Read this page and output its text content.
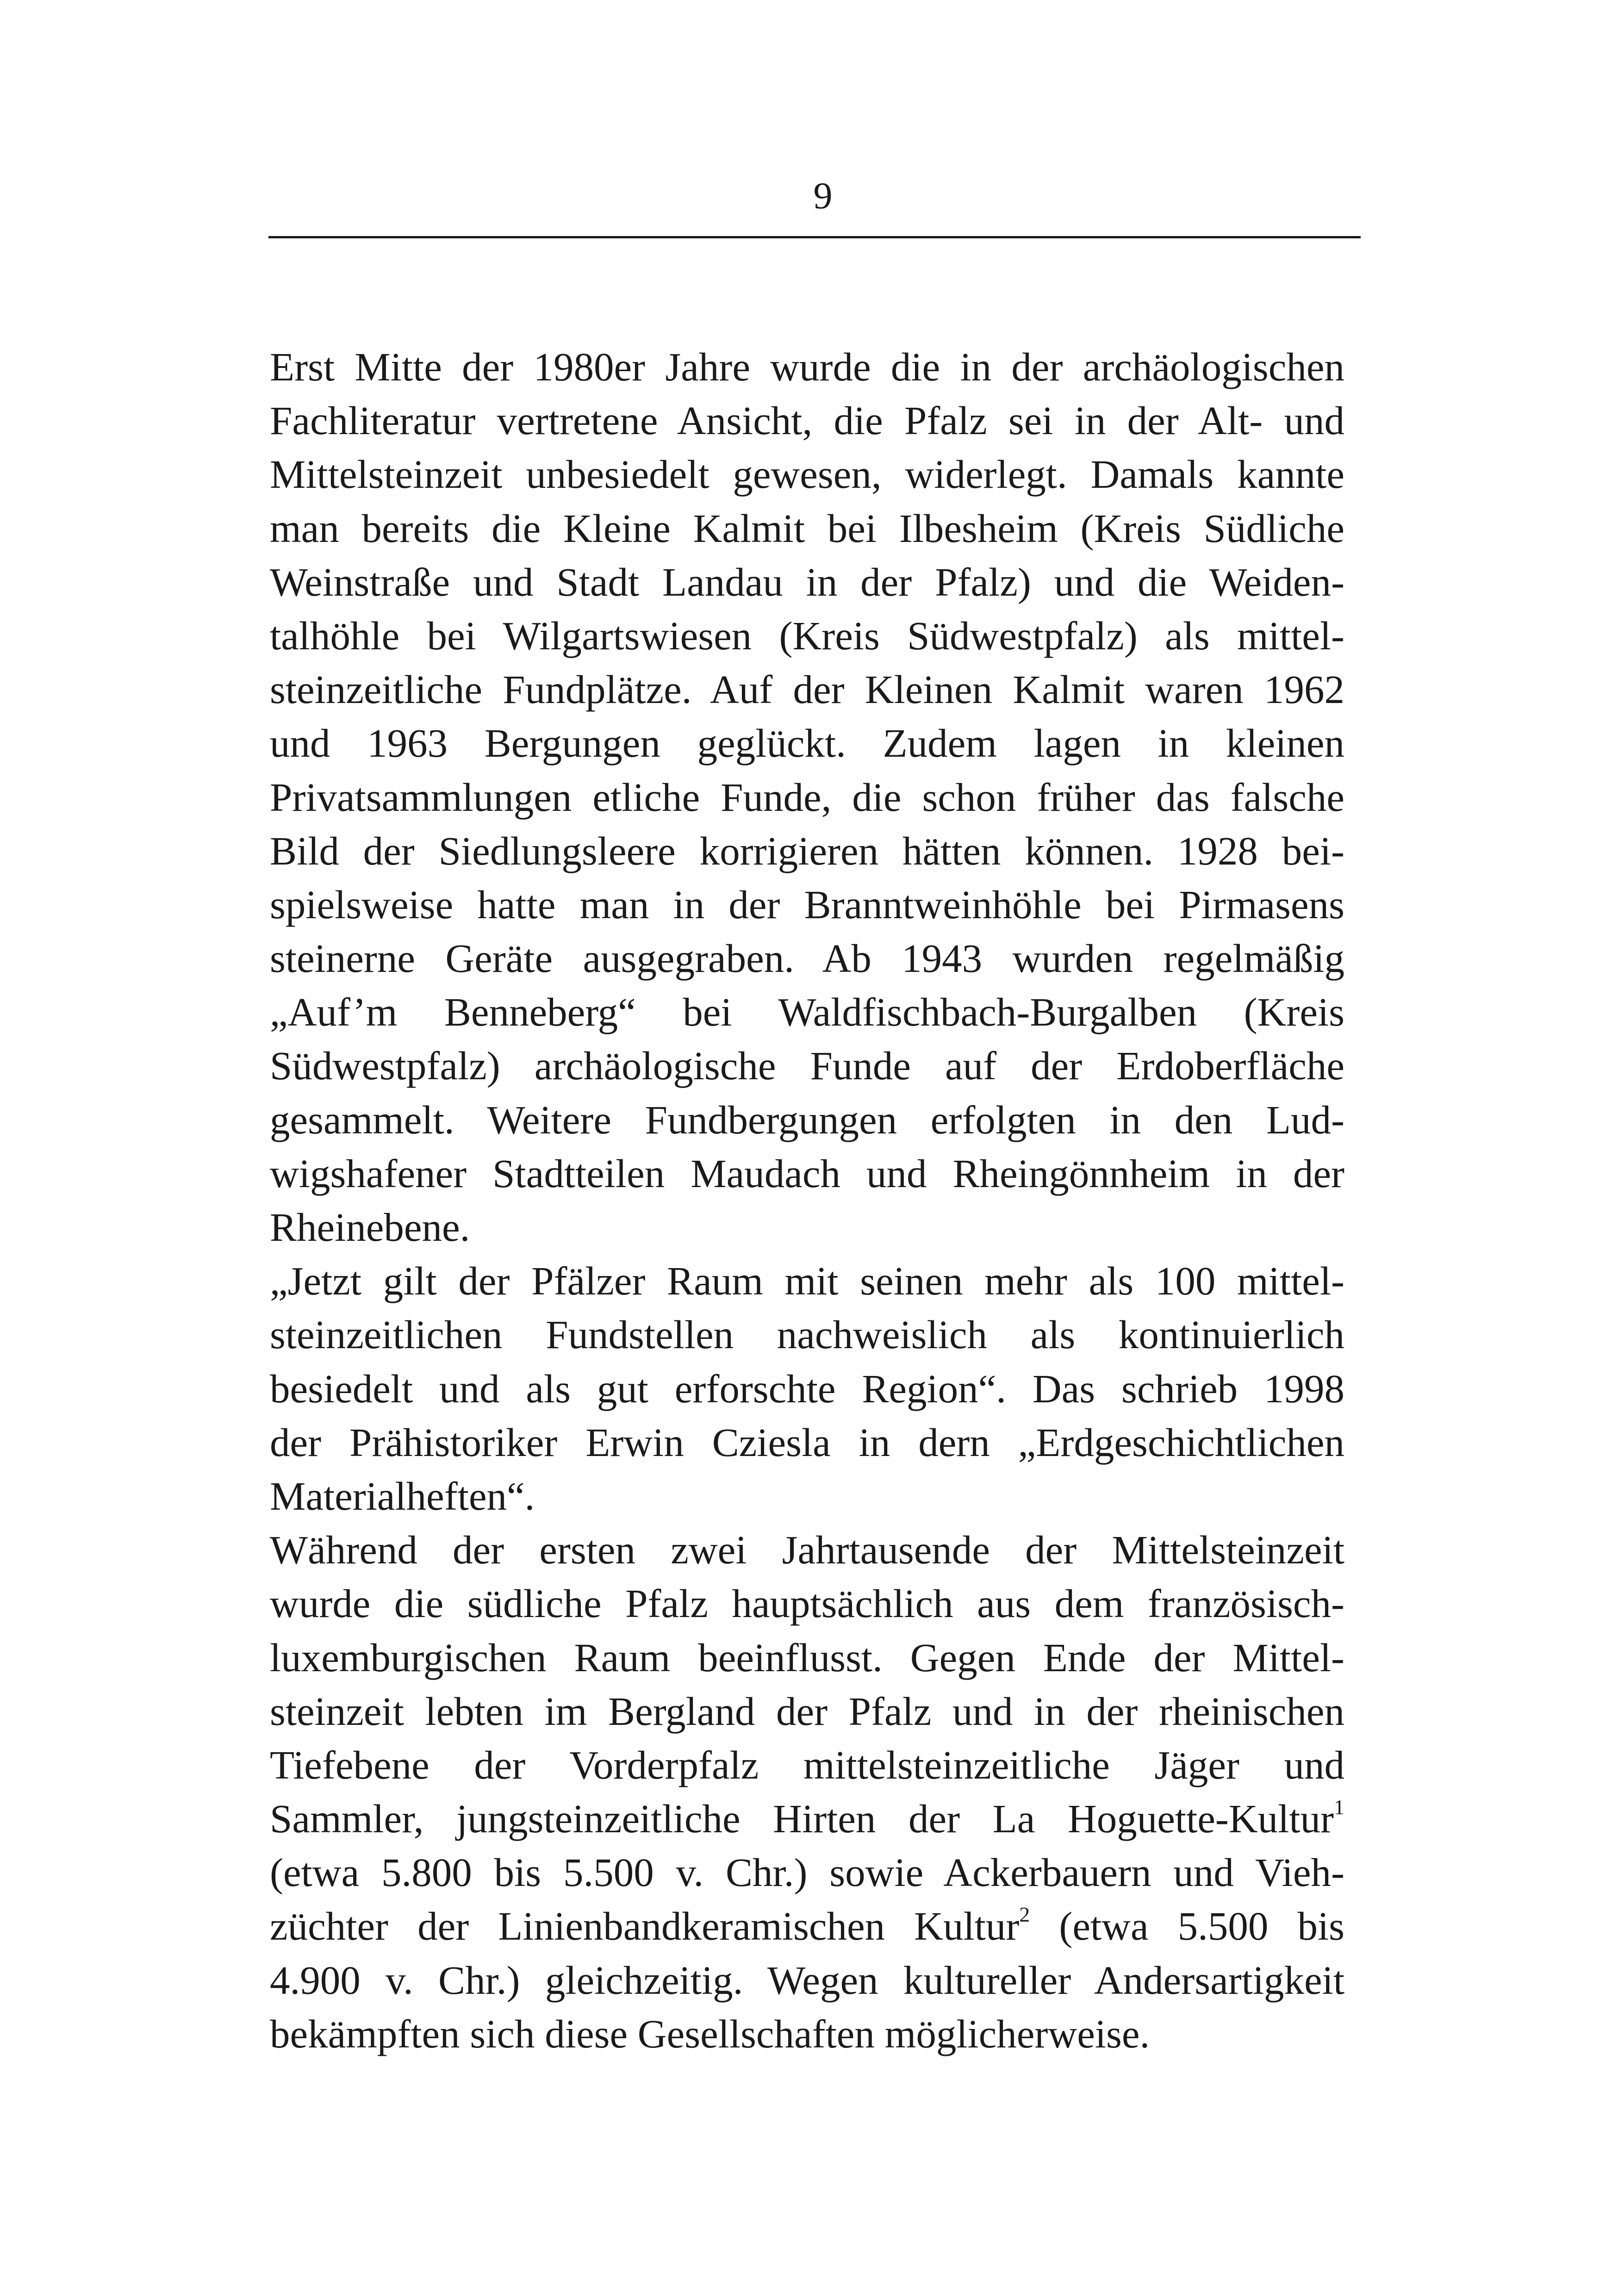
9
Erst Mitte der 1980er Jahre wurde die in der archäologischen
Fachliteratur vertretene Ansicht, die Pfalz sei in der Alt- und
Mittelsteinzeit unbesiedelt gewesen, widerlegt. Damals kannte
man bereits die Kleine Kalmit bei Ilbesheim (Kreis Südliche
Weinstraße und Stadt Landau in der Pfalz) und die Weiden-
talhöhle bei Wilgartswiesen (Kreis Südwestpfalz) als mittel-
steinzeitliche Fundplätze. Auf der Kleinen Kalmit waren 1962
und 1963 Bergungen geglückt. Zudem lagen in kleinen
Privatsammlungen etliche Funde, die schon früher das falsche
Bild der Siedlungsleere korrigieren hätten können. 1928 bei-
spielsweise hatte man in der Branntweinhöhle bei Pirmasens
steinerne Geräte ausgegraben. Ab 1943 wurden regelmäßig
„Auf’m Benneberg“ bei Waldfischbach-Burgalben (Kreis
Südwestpfalz) archäologische Funde auf der Erdoberfläche
gesammelt. Weitere Fundbergungen erfolgten in den Lud-
wigshafener Stadtteilen Maudach und Rheingönnheim in der
Rheinebene.
„Jetzt gilt der Pfälzer Raum mit seinen mehr als 100 mittel-
steinzeitlichen Fundstellen nachweislich als kontinuierlich
besiedelt und als gut erforschte Region“. Das schrieb 1998
der Prähistoriker Erwin Cziesla in dern „Erdgeschichtlichen
Materialheften“.
Während der ersten zwei Jahrtausende der Mittelsteinzeit
wurde die südliche Pfalz hauptsächlich aus dem französisch-
luxemburgischen Raum beeinflusst. Gegen Ende der Mittel-
steinzeit lebten im Bergland der Pfalz und in der rheinischen
Tiefebene der Vorderpfalz mittelsteinzeitliche Jäger und
Sammler, jungsteinzeitliche Hirten der La Hoguette-Kultur$^1$
(etwa 5.800 bis 5.500 v. Chr.) sowie Ackerbauern und Vieh-
züchter der Linienbandkeramischen Kultur$^2$ (etwa 5.500 bis
4.900 v. Chr.) gleichzeitig. Wegen kultureller Andersartigkeit
bekämpften sich diese Gesellschaften möglicherweise.
